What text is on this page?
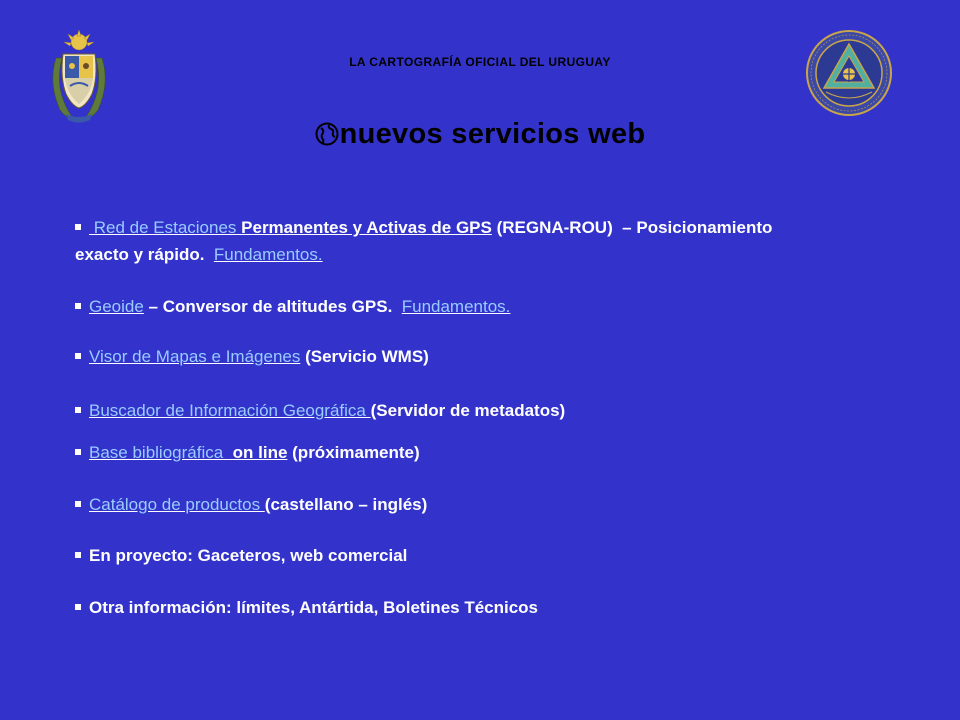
LA CARTOGRAFÍA OFICIAL DEL URUGUAY
nuevos servicios web
Red de Estaciones Permanentes y Activas de GPS (REGNA-ROU)  – Posicionamiento
exacto y rápido.  Fundamentos.
Geoide – Conversor de altitudes GPS.  Fundamentos.
Visor de Mapas e Imágenes (Servicio WMS)
Buscador de Información Geográfica (Servidor de metadatos)
Base bibliográfica  on line (próximamente)
Catálogo de productos (castellano – inglés)
En proyecto: Gaceteros, web comercial
Otra información: límites, Antártida, Boletines Técnicos
